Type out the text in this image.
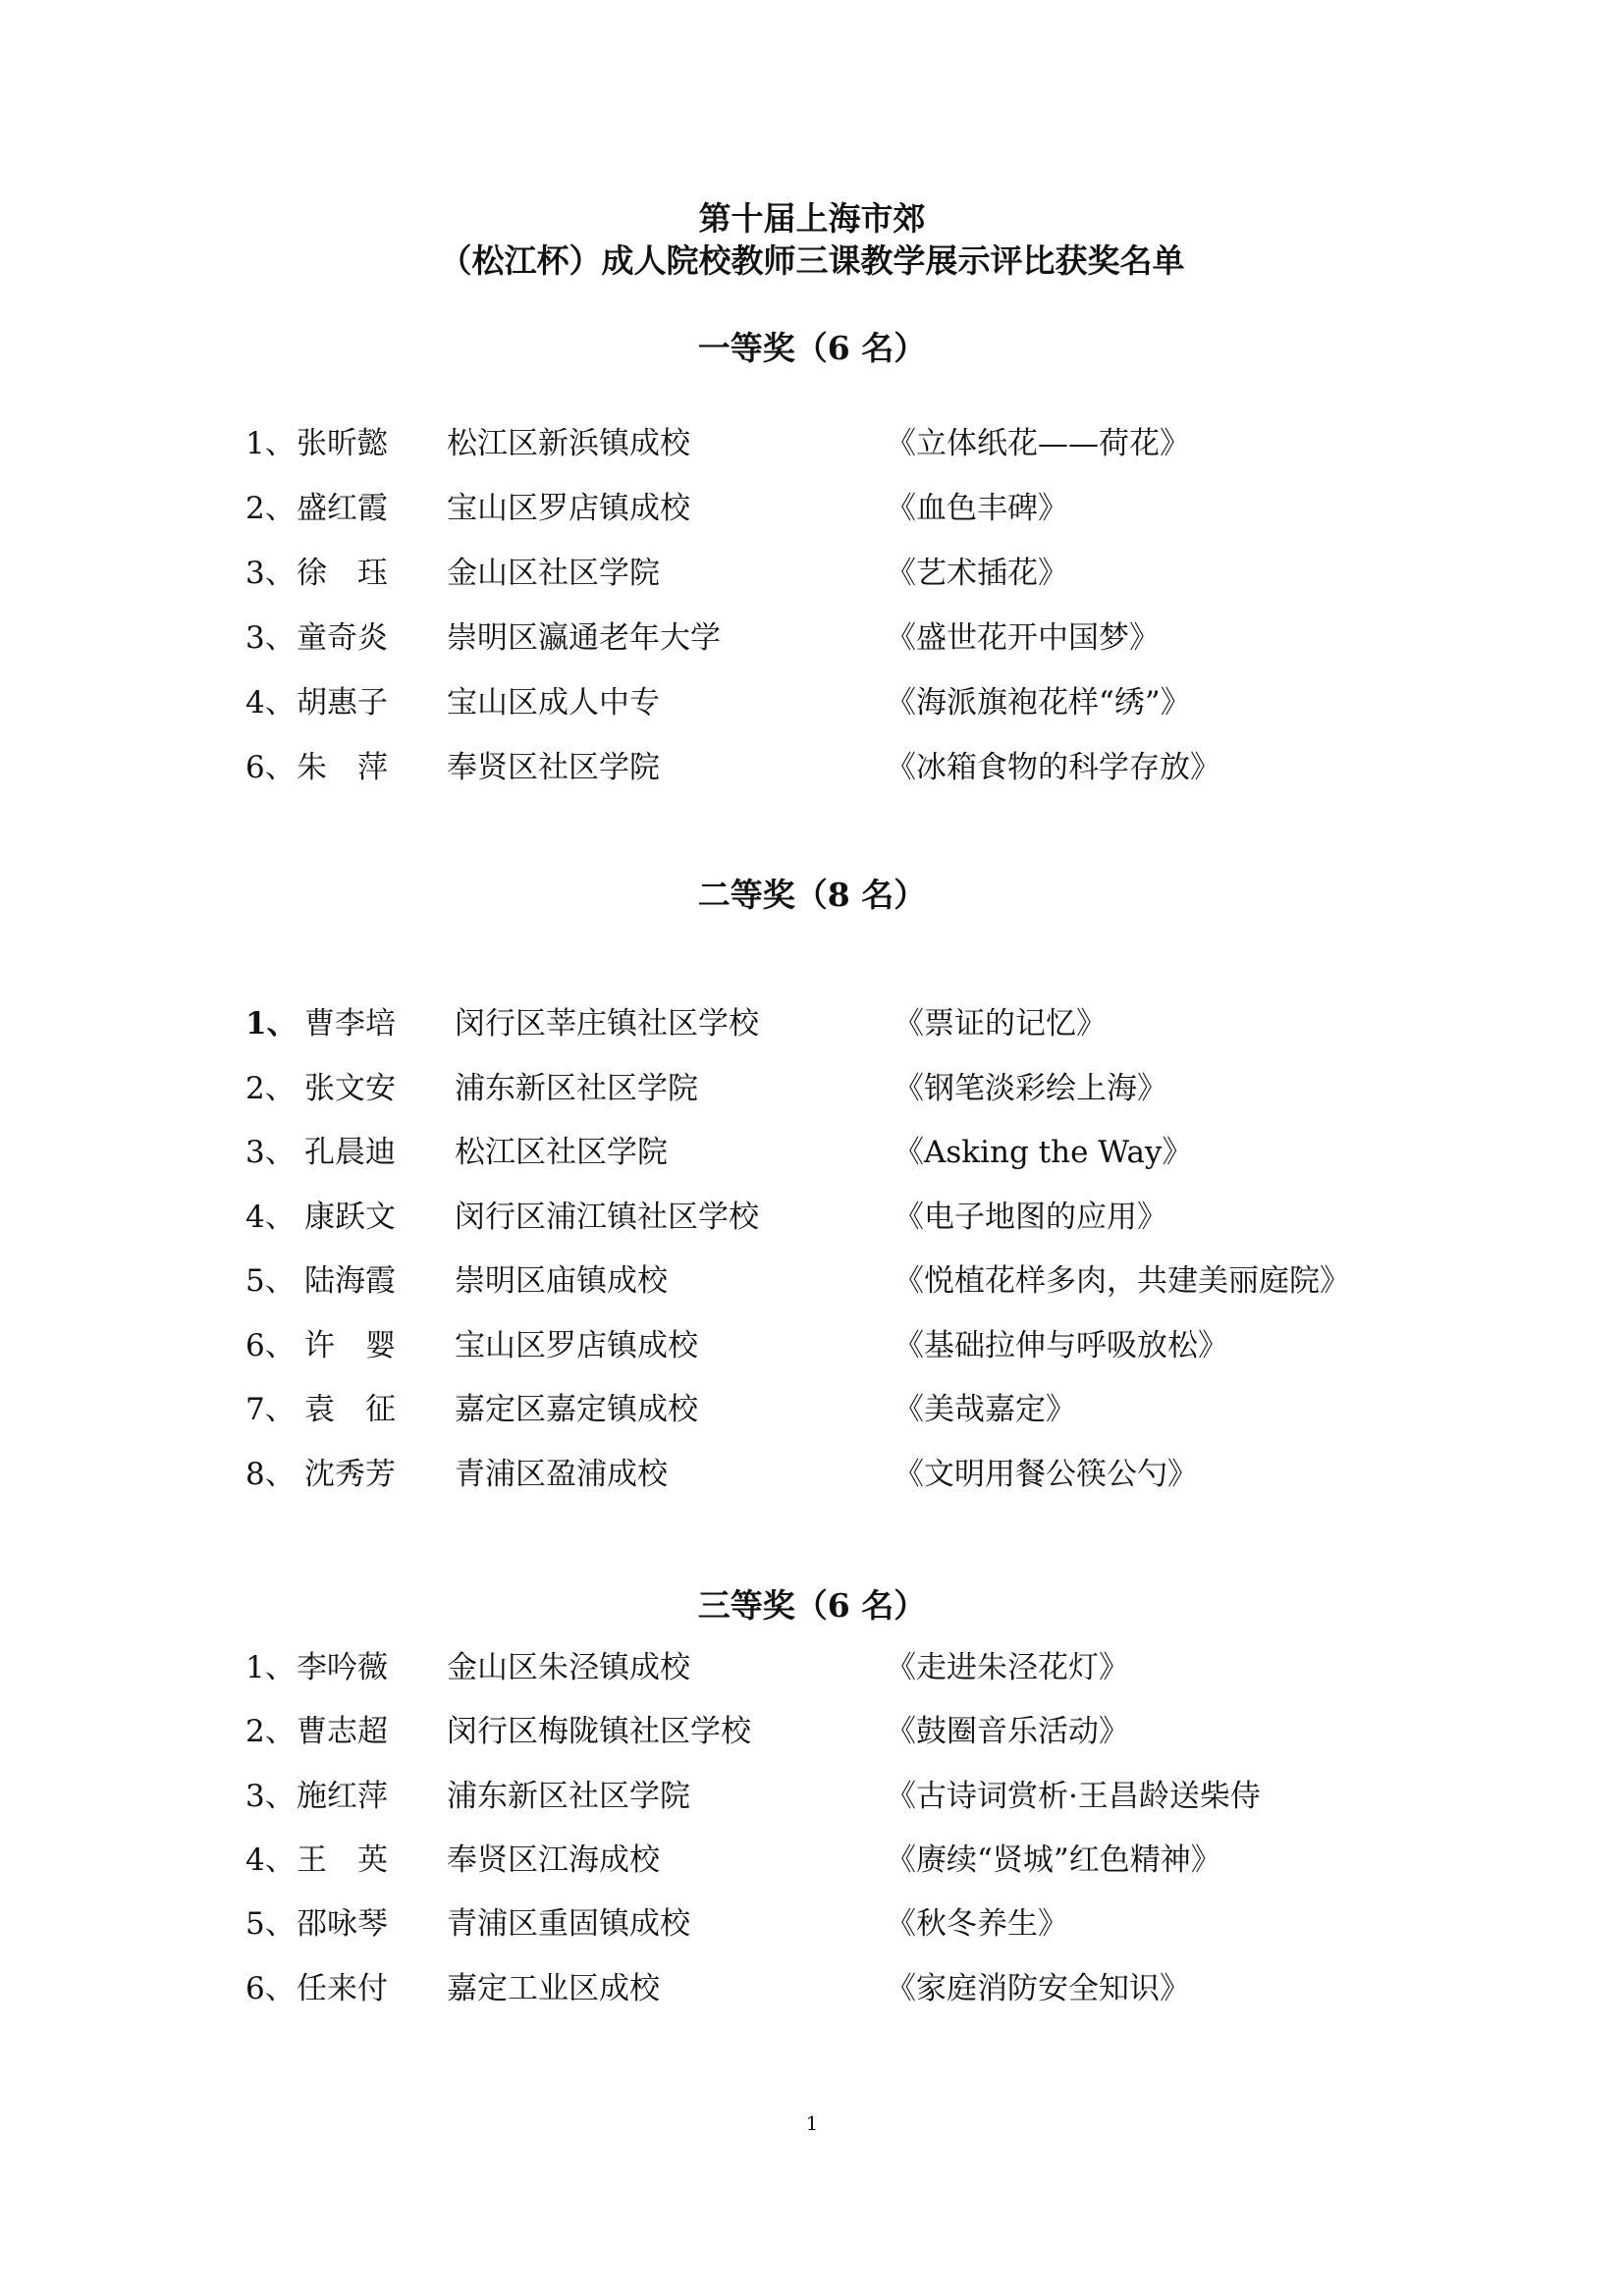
第十届上海市郊
（松江杯）成人院校教师三课教学展示评比获奖名单
一等奖（6 名）
1、 张昕懿 松江区新浜镇成校	《立体纸花——荷花》
2、 盛红霞 宝山区罗店镇成校	《血色丰碑》
3、 徐　珏 金山区社区学院	《艺术插花》
3、 童奇炎 崇明区瀛通老年大学	《盛世花开中国梦》
4、 胡惠子 宝山区成人中专	《海派旗袍花样“绣”》
6、 朱　萍 奉贤区社区学院	《冰箱食物的科学存放》
二等奖（8 名）
1、 曹李培 闵行区莘庄镇社区学校	《票证的记忆》
2、 张文安 浦东新区社区学院	《钢笔淡彩绘上海》
3、 孔晨迪 松江区社区学院	《Asking the Way》
4、 康跃文 闵行区浦江镇社区学校	《电子地图的应用》
5、 陆海霞 崇明区庙镇成校	《悦植花样多肉，共建美丽庭院》
6、 许　婴 宝山区罗店镇成校	《基础拉伸与呼吸放松》
7、 袁　征 嘉定区嘉定镇成校	《美哉嘉定》
8、 沈秀芳 青浦区盈浦成校	《文明用餐公筷公勺》
三等奖（6 名）
1、 李吟薇 金山区朱泾镇成校	《走进朱泾花灯》
2、 曹志超 闵行区梅陇镇社区学校	《鼓圈音乐活动》
3、 施红萍 浦东新区社区学院	《古诗词赏析·王昌龄送柴侍
4、 王　英 奉贤区江海成校	《赓续“贤城”红色精神》
5、 邵咏琴 青浦区重固镇成校	《秋冬养生》
6、 任来付 嘉定工业区成校	《家庭消防安全知识》
1
